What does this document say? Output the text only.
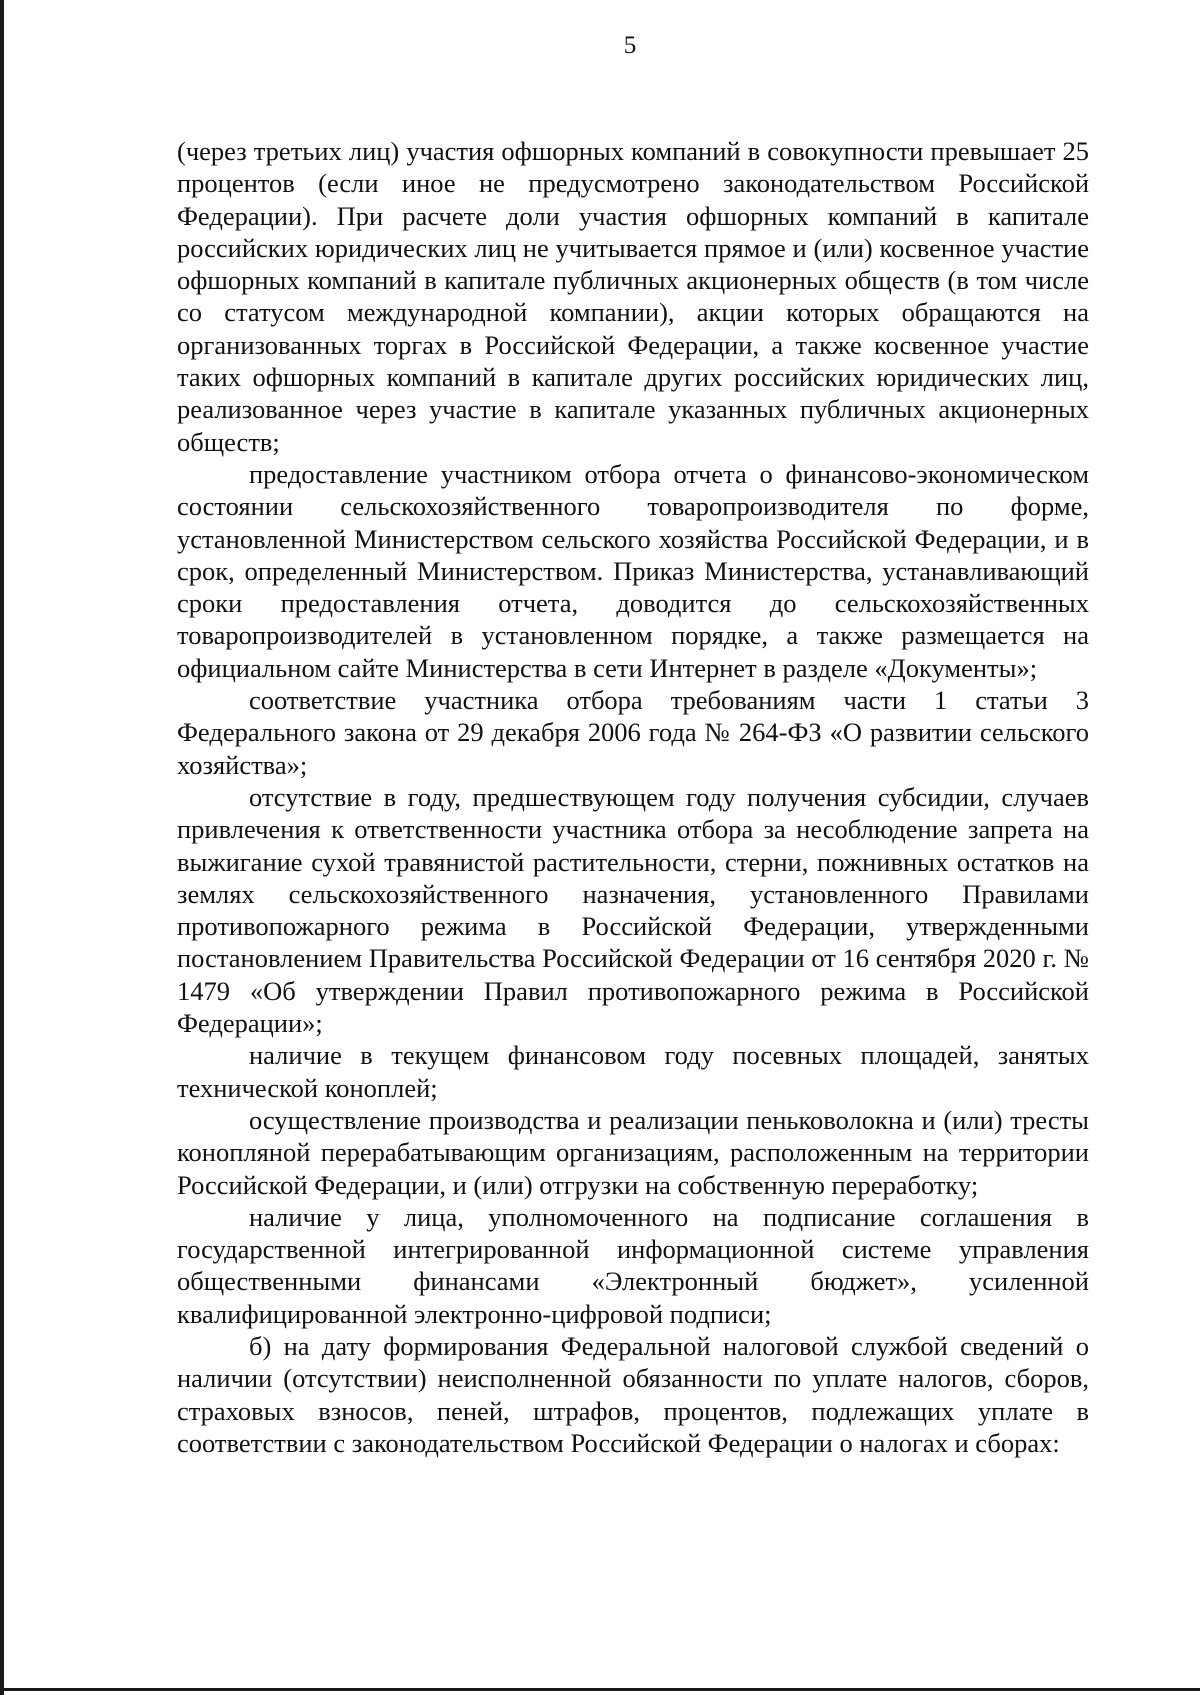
5

(через третьих лиц) участия офшорных компаний в совокупности превышает 25 процентов (если иное не предусмотрено законодательством Российской Федерации). При расчете доли участия офшорных компаний в капитале российских юридических лиц не учитывается прямое и (или) косвенное участие офшорных компаний в капитале публичных акционерных обществ (в том числе со статусом международной компании), акции которых обращаются на организованных торгах в Российской Федерации, а также косвенное участие таких офшорных компаний в капитале других российских юридических лиц, реализованное через участие в капитале указанных публичных акционерных обществ;

предоставление участником отбора отчета о финансово-экономическом состоянии сельскохозяйственного товаропроизводителя по форме, установленной Министерством сельского хозяйства Российской Федерации, и в срок, определенный Министерством. Приказ Министерства, устанавливающий сроки предоставления отчета, доводится до сельскохозяйственных товаропроизводителей в установленном порядке, а также размещается на официальном сайте Министерства в сети Интернет в разделе «Документы»;

соответствие участника отбора требованиям части 1 статьи 3 Федерального закона от 29 декабря 2006 года № 264-ФЗ «О развитии сельского хозяйства»;

отсутствие в году, предшествующем году получения субсидии, случаев привлечения к ответственности участника отбора за несоблюдение запрета на выжигание сухой травянистой растительности, стерни, пожнивных остатков на землях сельскохозяйственного назначения, установленного Правилами противопожарного режима в Российской Федерации, утвержденными постановлением Правительства Российской Федерации от 16 сентября 2020 г. № 1479 «Об утверждении Правил противопожарного режима в Российской Федерации»;

наличие в текущем финансовом году посевных площадей, занятых технической коноплей;

осуществление производства и реализации пеньковолокна и (или) тресты конопляной перерабатывающим организациям, расположенным на территории Российской Федерации, и (или) отгрузки на собственную переработку;

наличие у лица, уполномоченного на подписание соглашения в государственной интегрированной информационной системе управления общественными финансами «Электронный бюджет», усиленной квалифицированной электронно-цифровой подписи;

б) на дату формирования Федеральной налоговой службой сведений о наличии (отсутствии) неисполненной обязанности по уплате налогов, сборов, страховых взносов, пеней, штрафов, процентов, подлежащих уплате в соответствии с законодательством Российской Федерации о налогах и сборах:
